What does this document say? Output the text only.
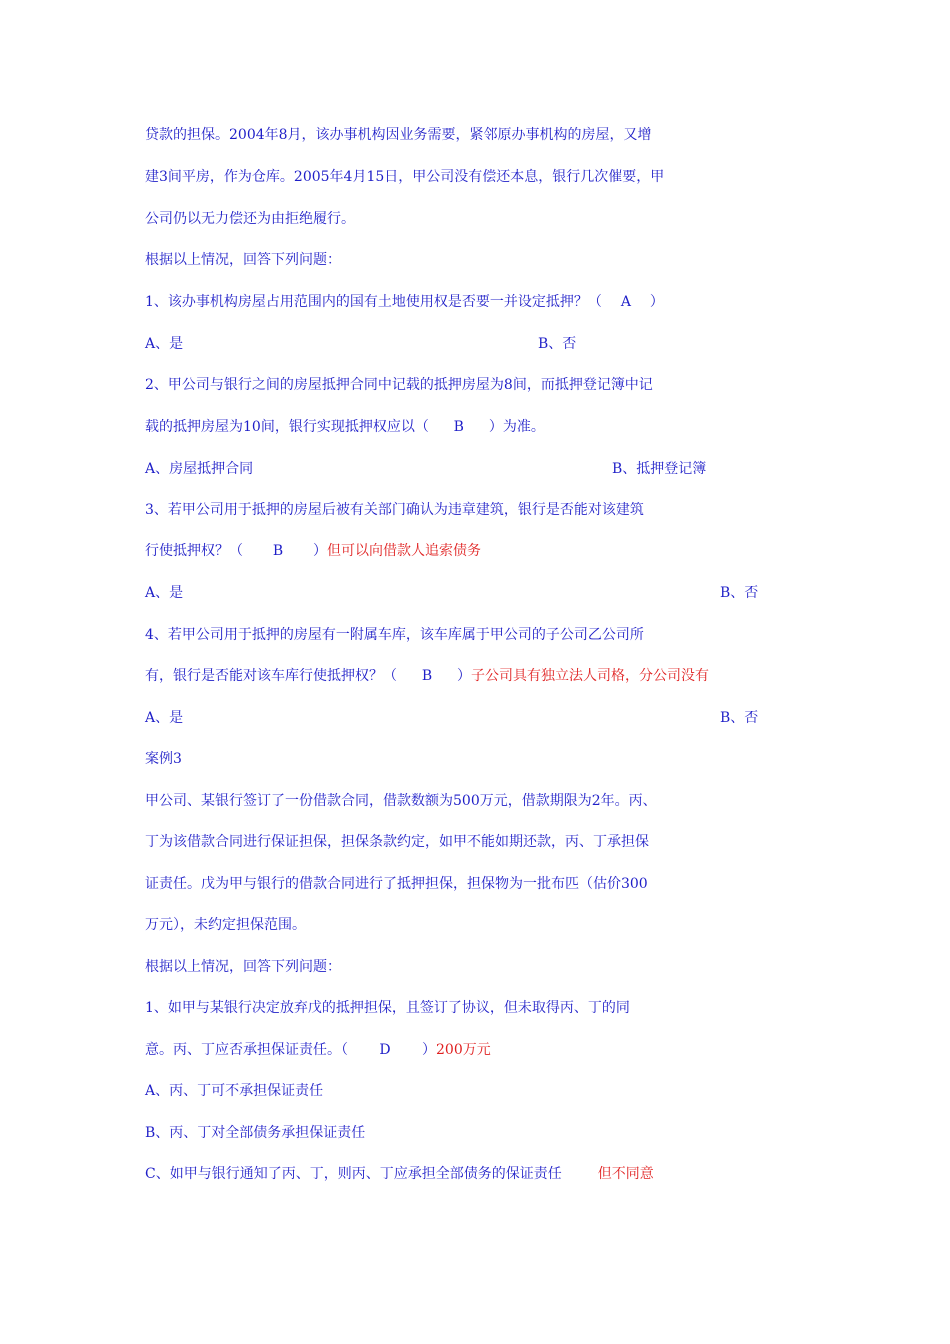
贷款的担保。2004年8月，该办事机构因业务需要，紧邻原办事机构的房屋，又增
建3间平房，作为仓库。2005年4月15日，甲公司没有偿还本息，银行几次催要，甲
公司仍以无力偿还为由拒绝履行。
根据以上情况，回答下列问题：
1、该办事机构房屋占用范围内的国有土地使用权是否要一并设定抵押？（ A ）
A、是	B、否
2、甲公司与银行之间的房屋抵押合同中记载的抵押房屋为8间，而抵押登记簿中记
载的抵押房屋为10间，银行实现抵押权应以（ B ）为准。
A、房屋抵押合同	B、抵押登记簿
3、若甲公司用于抵押的房屋后被有关部门确认为违章建筑，银行是否能对该建筑
行使抵押权？（ B ）但可以向借款人追索债务
A、是	B、否
4、若甲公司用于抵押的房屋有一附属车库，该车库属于甲公司的子公司乙公司所
有，银行是否能对该车库行使抵押权？（ B ）子公司具有独立法人司格，分公司没有
A、是	B、否
案例3
甲公司、某银行签订了一份借款合同，借款数额为500万元，借款期限为2年。丙、
丁为该借款合同进行保证担保，担保条款约定，如甲不能如期还款，丙、丁承担保
证责任。戊为甲与银行的借款合同进行了抵押担保，担保物为一批布匹（估价300
万元），未约定担保范围。
根据以上情况，回答下列问题：
1、如甲与某银行决定放弃戊的抵押担保，且签订了协议，但未取得丙、丁的同
意。丙、丁应否承担保证责任。（ D ）200万元
A、丙、丁可不承担保证责任
B、丙、丁对全部债务承担保证责任
C、如甲与银行通知了丙、丁，则丙、丁应承担全部债务的保证责任	但不同意
